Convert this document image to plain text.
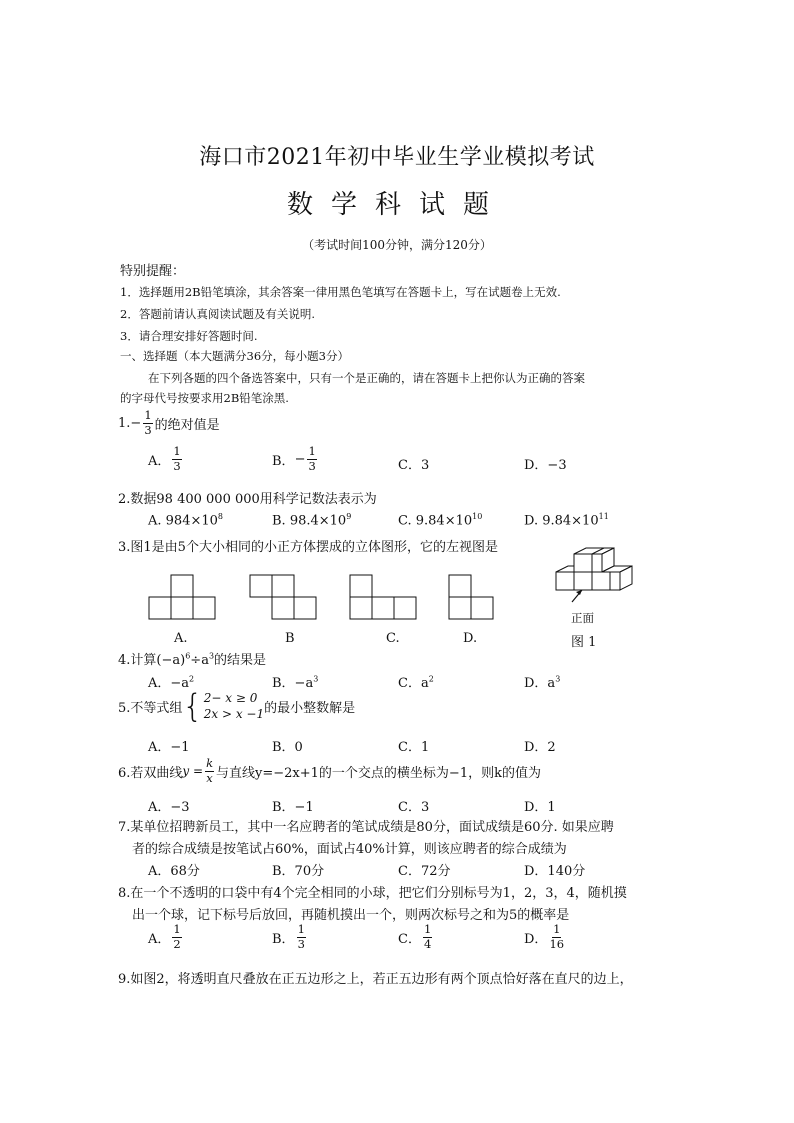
海口市2021年初中毕业生学业模拟考试
数学科试题
（考试时间100分钟，满分120分）
特别提醒：
1．选择题用2B铅笔填涂，其余答案一律用黑色笔填写在答题卡上，写在试题卷上无效.
2．答题前请认真阅读试题及有关说明.
3．请合理安排好答题时间.
一、选择题（本大题满分36分，每小题3分）
在下列各题的四个备选答案中，只有一个是正确的，请在答题卡上把你认为正确的答案
的字母代号按要求用2B铅笔涂黑.
1. − $\frac{1}{3}$ 的绝对值是
A． $\frac{1}{3}$	B． − $\frac{1}{3}$	C．3	D．−3
2.数据98 400 000 000用科学记数法表示为
A. $984\times 10^8$	B. $98.4\times 10^9$	C. $9.84\times 10^{10}$	D. $9.84\times 10^{11}$
3.图1是由5个大小相同的小正方体摆成的立体图形，它的左视图是
正面
A.	B	C.	D.	图 1
4.计算$(-a)^6\div a^3$的结果是
A．$-a^2$	B．$-a^3$	C．$a^2$	D．$a^3$
5.不等式组 { 2− x ≥ 0
2x > x −1 的最小整数解是
A．−1	B．0	C．1	D．2
6.若双曲线 $y = \frac{k}{x}$ 与直线y=−2x+1的一个交点的横坐标为−1，则k的值为
A．−3	B．−1	C．3	D．1
7.某单位招聘新员工，其中一名应聘者的笔试成绩是80分，面试成绩是60分. 如果应聘
者的综合成绩是按笔试占60%，面试占40%计算，则该应聘者的综合成绩为
A．68分	B．70分	C．72分	D．140分
8.在一个不透明的口袋中有4个完全相同的小球，把它们分别标号为1，2，3，4，随机摸
出一个球，记下标号后放回，再随机摸出一个，则两次标号之和为5的概率是
A． $\frac{1}{2}$	B． $\frac{1}{3}$	C． $\frac{1}{4}$	D． $\frac{1}{16}$
9.如图2，将透明直尺叠放在正五边形之上，若正五边形有两个顶点恰好落在直尺的边上，
